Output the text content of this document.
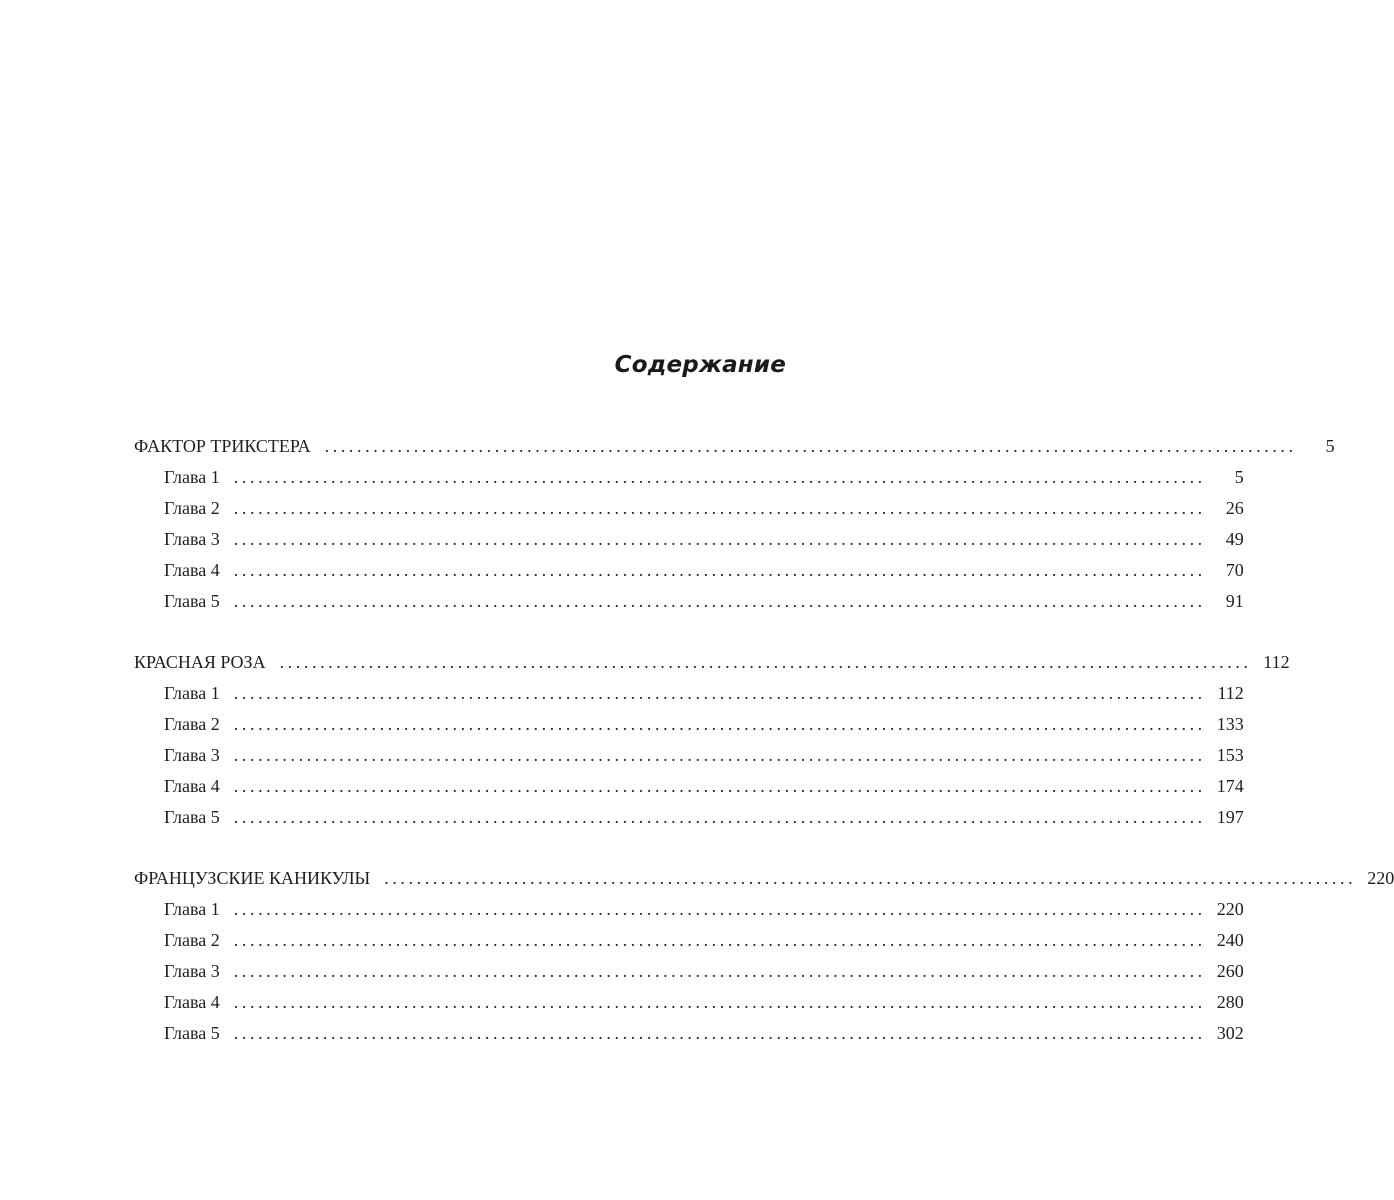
Содержание
ФАКТОР ТРИКСТЕРА ........................................................................................................................	5
Глава 1 ........................................................................................................................	5
Глава 2 ........................................................................................................................	26
Глава 3 ........................................................................................................................	49
Глава 4 ........................................................................................................................	70
Глава 5 ........................................................................................................................	91
КРАСНАЯ РОЗА ........................................................................................................................ 112
Глава 1 ........................................................................................................................ 112
Глава 2 ........................................................................................................................ 133
Глава 3 ........................................................................................................................ 153
Глава 4 ........................................................................................................................ 174
Глава 5 ........................................................................................................................ 197
ФРАНЦУЗСКИЕ КАНИКУЛЫ ........................................................................................................................ 220
Глава 1 ........................................................................................................................ 220
Глава 2 ........................................................................................................................ 240
Глава 3 ........................................................................................................................ 260
Глава 4 ........................................................................................................................ 280
Глава 5 ........................................................................................................................ 302
